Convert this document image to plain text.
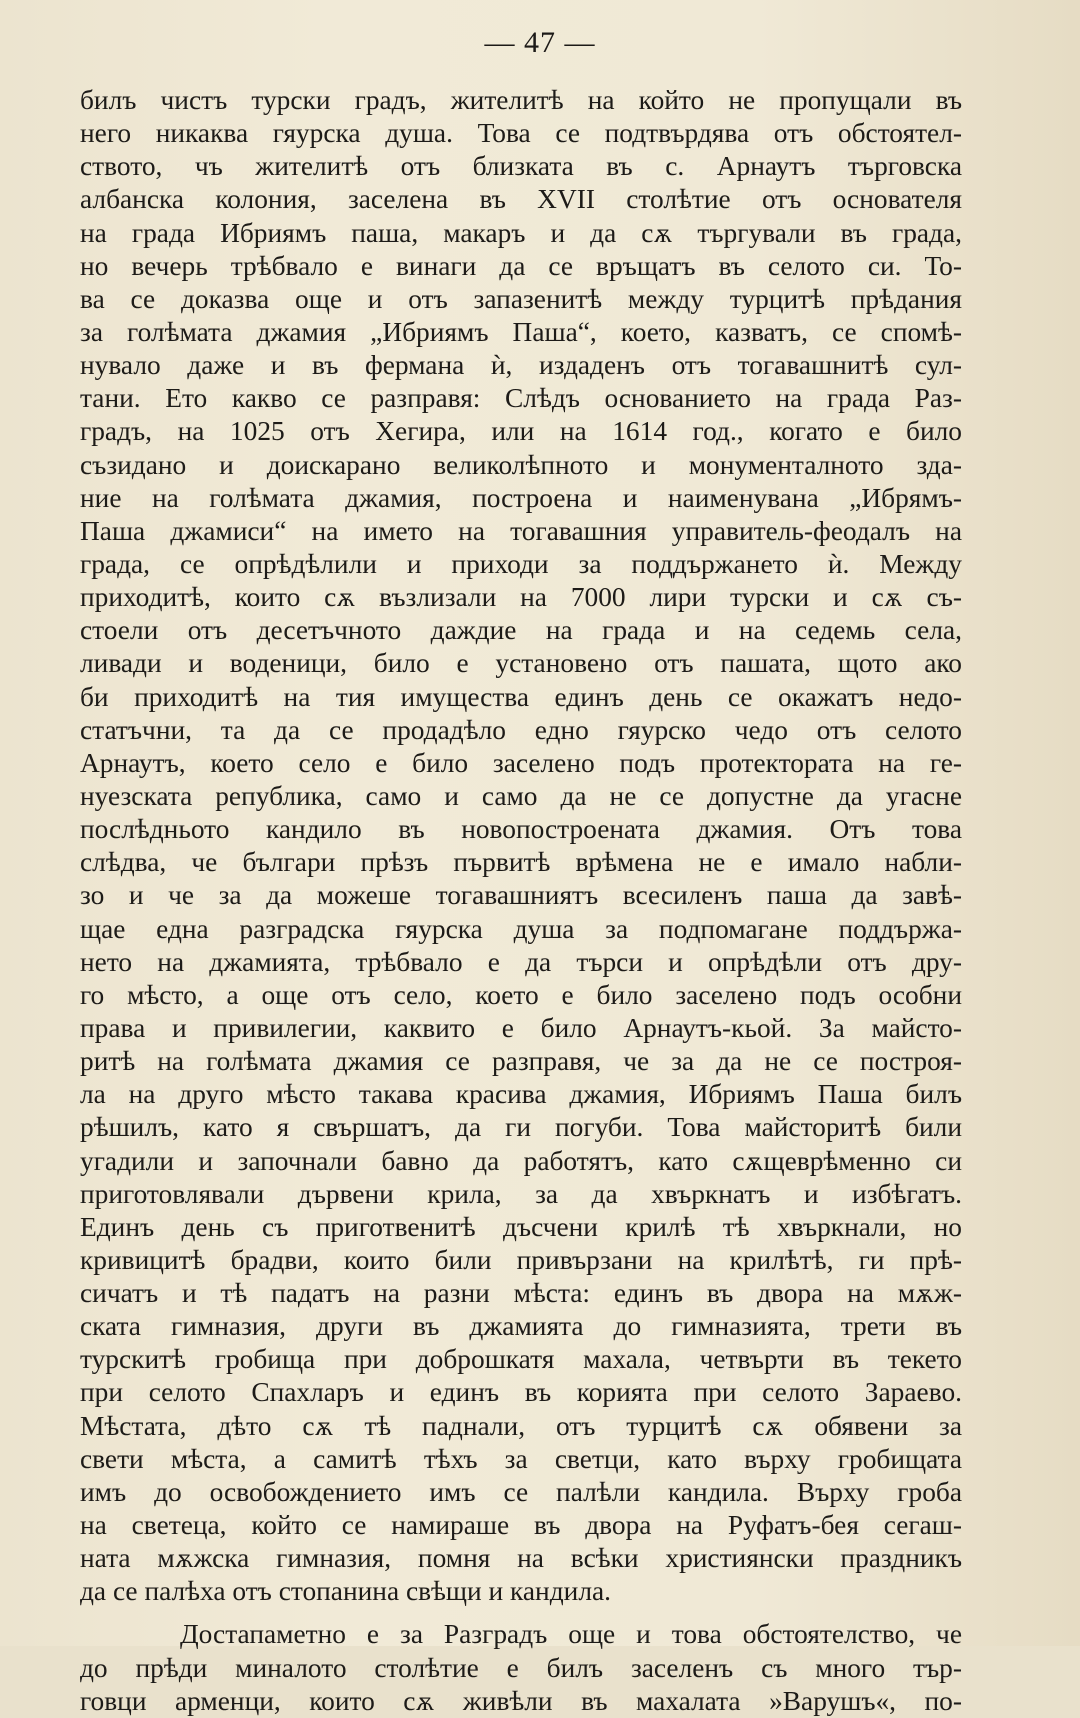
— 47 —
билъ чистъ турски градъ, жителитѣ на който не пропущали въ
него никаква гяурска душа. Това се подтвърдява отъ обстоятел-
ството, чъ жителитѣ отъ близката въ с. Арнаутъ търговска
албанска колония, заселена въ XVII столѣтие отъ основателя
на града Ибриямъ паша, макаръ и да сѫ търгували въ града,
но вечерь трѣбвало е винаги да се връщатъ въ селото си. То-
ва се доказва още и отъ запазенитѣ между турцитѣ прѣдания
за голѣмата джамия „Ибриямъ Паша“, което, казватъ, се спомѣ-
нувало даже и въ фермана ѝ, издаденъ отъ тогавашнитѣ сул-
тани. Ето какво се разправя: Слѣдъ основанието на града Раз-
градъ, на 1025 отъ Хегира, или на 1614 год., когато е било
съзидано и доискарано великолѣпното и монументалното зда-
ние на голѣмата джамия, построена и наименувана „Ибрямъ-
Паша джамиси“ на името на тогавашния управитель-феодалъ на
града, се опрѣдѣлили и приходи за поддържането ѝ. Между
приходитѣ, които сѫ възлизали на 7000 лири турски и сѫ съ-
стоели отъ десетъчното даждие на града и на седемь села,
ливади и воденици, било е установено отъ пашата, щото ако
би приходитѣ на тия имущества единъ день се окажатъ недо-
статъчни, та да се продадѣло едно гяурско чедо отъ селото
Арнаутъ, което село е било заселено подъ протектората на ге-
нуезската република, само и само да не се допустне да угасне
послѣдньото кандило въ новопостроената джамия. Отъ това
слѣдва, че българи прѣзъ първитѣ врѣмена не е имало набли-
зо и че за да можеше тогавашниятъ всесиленъ паша да завѣ-
щае една разградска гяурска душа за подпомагане поддържа-
нето на джамията, трѣбвало е да търси и опрѣдѣли отъ дру-
го мѣсто, а още отъ село, което е било заселено подъ особни
права и привилегии, каквито е било Арнаутъ-кьой. За майсто-
ритѣ на голѣмата джамия се разправя, че за да не се построя-
ла на друго мѣсто такава красива джамия, Ибриямъ Паша билъ
рѣшилъ, като я свършатъ, да ги погуби. Това майсторитѣ били
угадили и започнали бавно да работятъ, като сѫщеврѣменно си
приготовлявали дървени крила, за да хвъркнатъ и избѣгатъ.
Единъ день съ приготвенитѣ дъсчени крилѣ тѣ хвъркнали, но
кривицитѣ брадви, които били привързани на крилѣтѣ, ги прѣ-
сичатъ и тѣ падатъ на разни мѣста: единъ въ двора на мѫж-
ската гимназия, други въ джамията до гимназията, трети въ
турскитѣ гробища при доброшкатя махала, четвърти въ текето
при селото Спахларъ и единъ въ корията при селото Зараево.
Мѣстата, дѣто сѫ тѣ паднали, отъ турцитѣ сѫ обявени за
свети мѣста, а самитѣ тѣхъ за светци, като върху гробищата
имъ до освобождението имъ се палѣли кандила. Върху гроба
на светеца, който се намираше въ двора на Руфатъ-бея сегаш-
ната мѫжска гимназия, помня на всѣки християнски праздникъ
да се палѣха отъ стопанина свѣщи и кандила.
Достапаметно е за Разградъ още и това обстоятелство, че
до прѣди миналото столѣтие е билъ заселенъ съ много тър-
говци арменци, които сѫ живѣли въ махалата »Варушъ«, по-
